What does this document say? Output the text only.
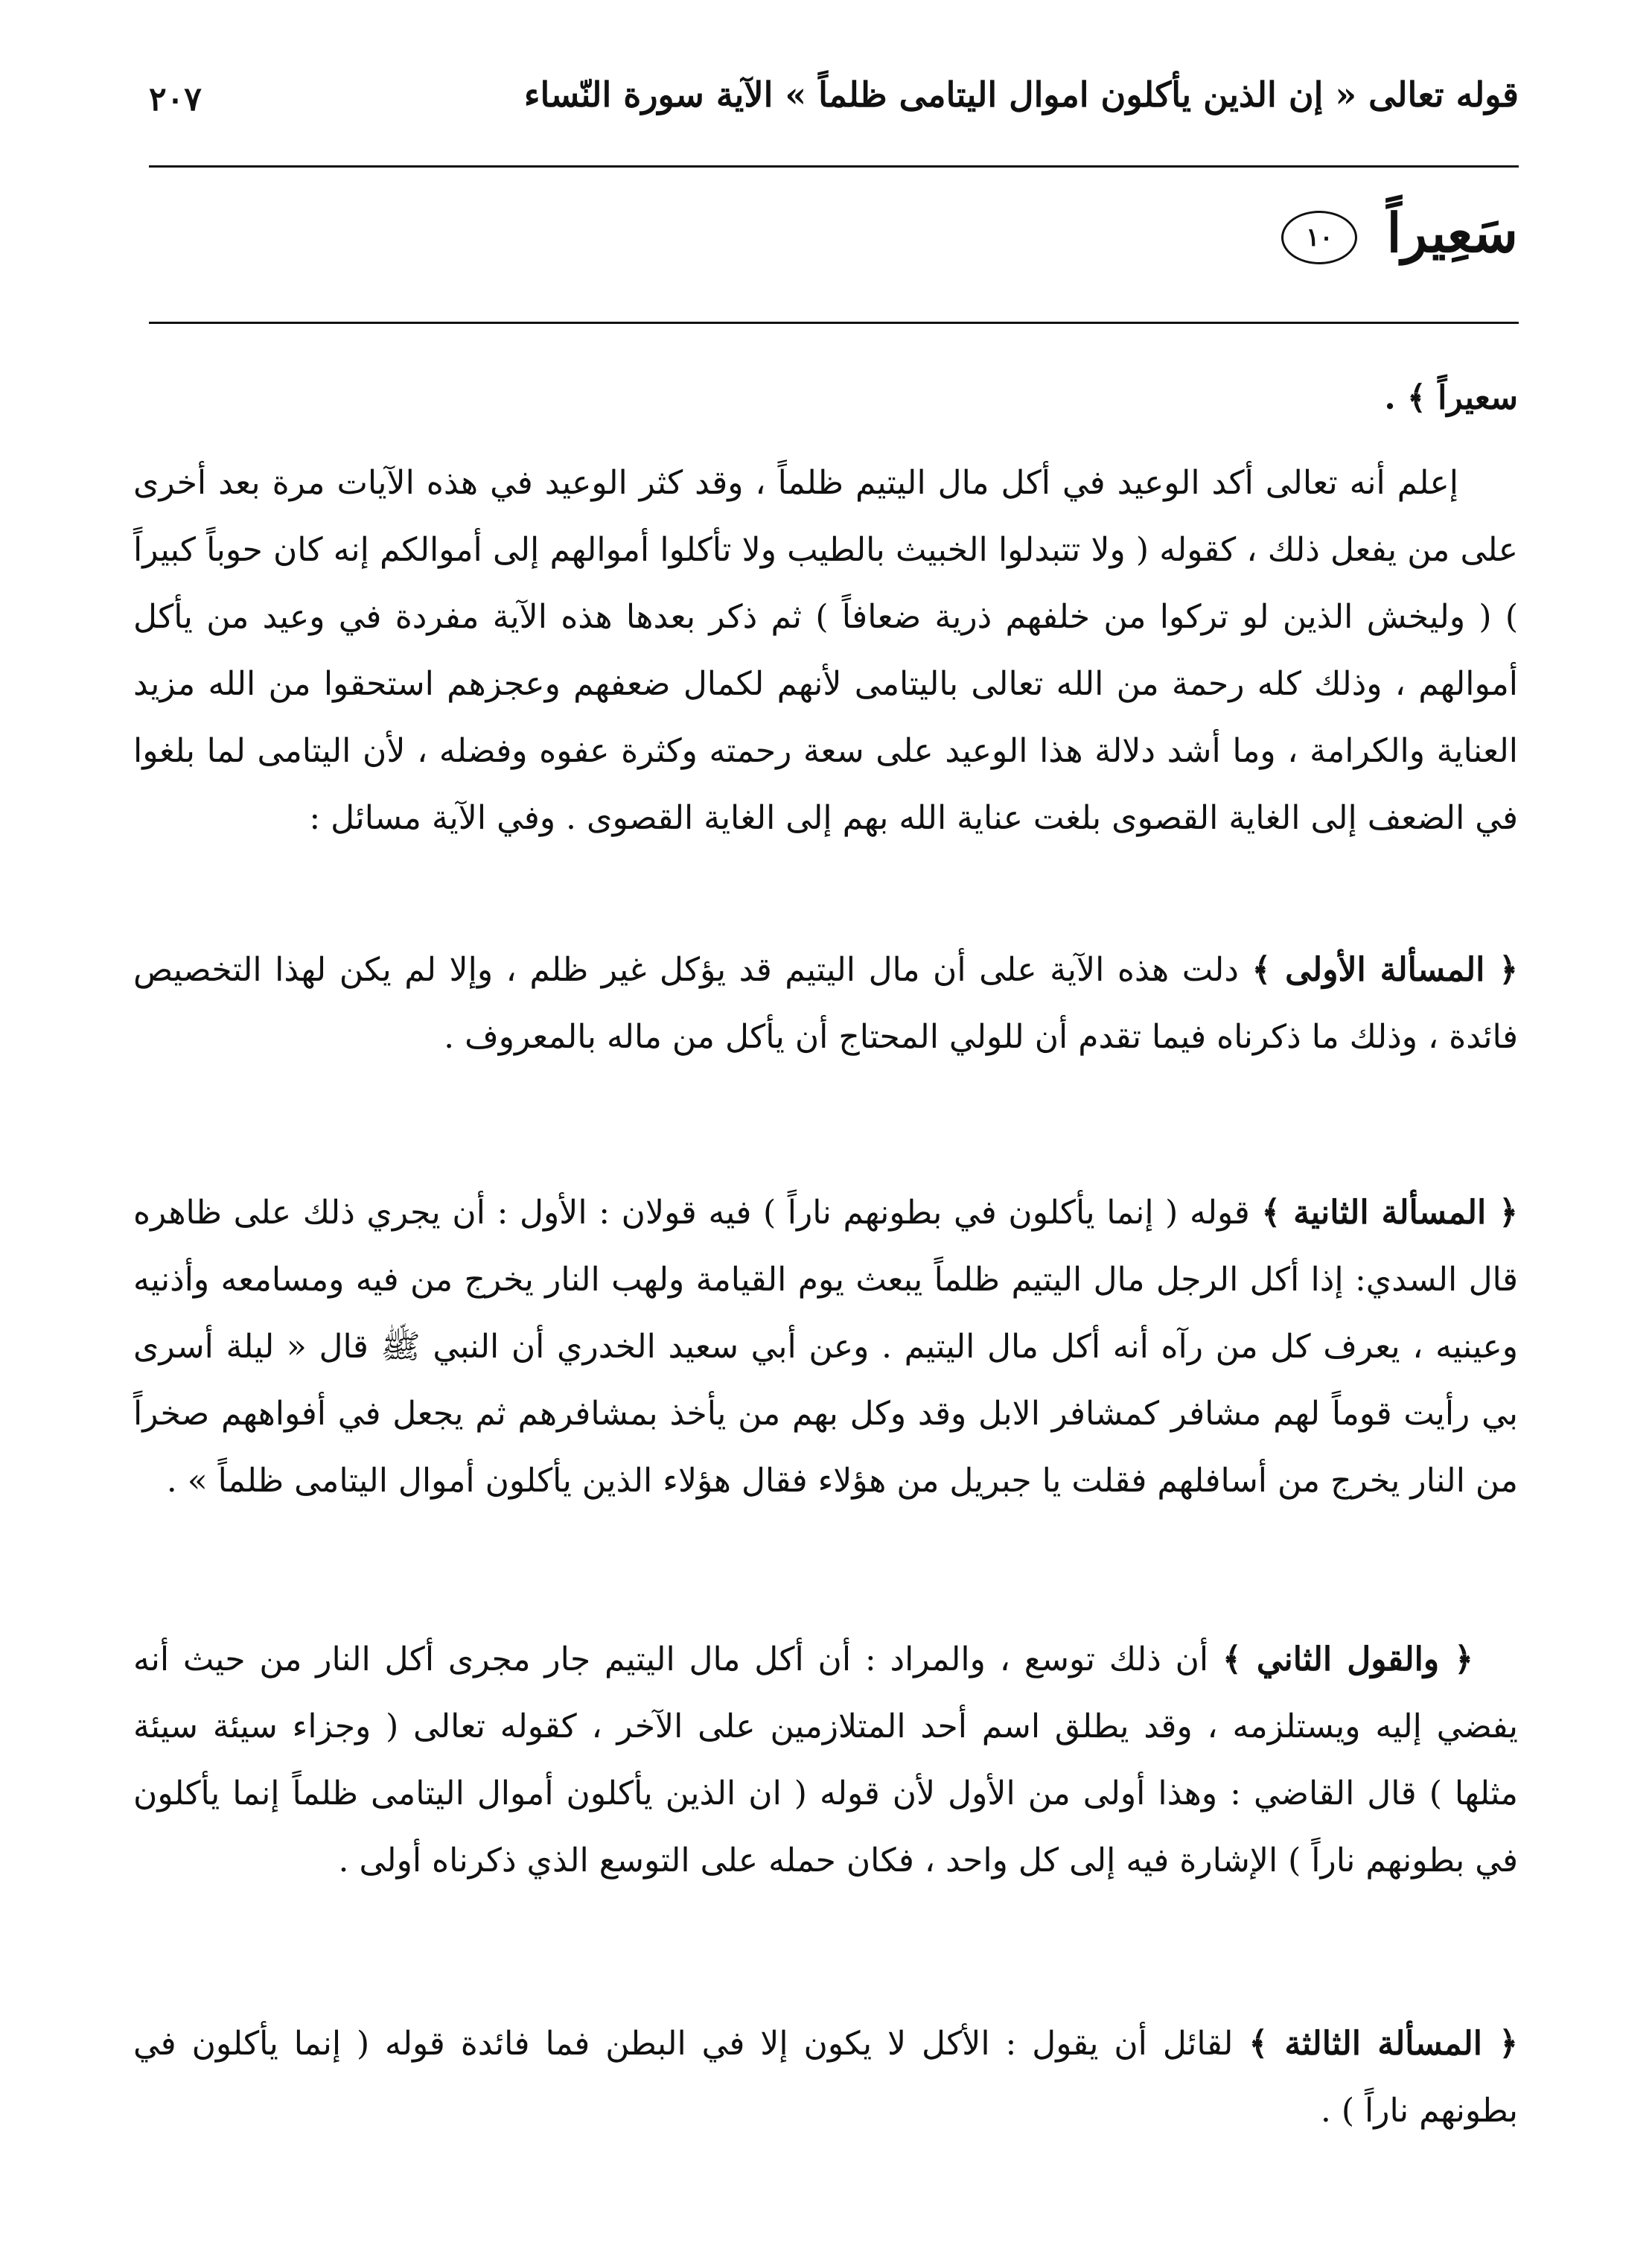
قوله تعالى « إن الذين يأكلون اموال اليتامى ظلماً » الآية سورة النّساء
٢٠٧
سَعِيراً ١٠
سعيراً ﴾ .
إعلم أنه تعالى أكد الوعيد في أكل مال اليتيم ظلماً ، وقد كثر الوعيد في هذه الآيات مرة بعد أخرى على من يفعل ذلك ، كقوله ( ولا تتبدلوا الخبيث بالطيب ولا تأكلوا أموالهم إلى أموالكم إنه كان حوباً كبيراً ) ( وليخش الذين لو تركوا من خلفهم ذرية ضعافاً ) ثم ذكر بعدها هذه الآية مفردة في وعيد من يأكل أموالهم ، وذلك كله رحمة من الله تعالى باليتامى لأنهم لكمال ضعفهم وعجزهم استحقوا من الله مزيد العناية والكرامة ، وما أشد دلالة هذا الوعيد على سعة رحمته وكثرة عفوه وفضله ، لأن اليتامى لما بلغوا في الضعف إلى الغاية القصوى بلغت عناية الله بهم إلى الغاية القصوى . وفي الآية مسائل :
﴿ المسألة الأولى ﴾ دلت هذه الآية على أن مال اليتيم قد يؤكل غير ظلم ، وإلا لم يكن لهذا التخصيص فائدة ، وذلك ما ذكرناه فيما تقدم أن للولي المحتاج أن يأكل من ماله بالمعروف .
﴿ المسألة الثانية ﴾ قوله ( إنما يأكلون في بطونهم ناراً ) فيه قولان : الأول : أن يجري ذلك على ظاهره قال السدي: إذا أكل الرجل مال اليتيم ظلماً يبعث يوم القيامة ولهب النار يخرج من فيه ومسامعه وأذنيه وعينيه ، يعرف كل من رآه أنه أكل مال اليتيم . وعن أبي سعيد الخدري أن النبي ﷺ قال « ليلة أسرى بي رأيت قوماً لهم مشافر كمشافر الابل وقد وكل بهم من يأخذ بمشافرهم ثم يجعل في أفواههم صخراً من النار يخرج من أسافلهم فقلت يا جبريل من هؤلاء فقال هؤلاء الذين يأكلون أموال اليتامى ظلماً » .
﴿ والقول الثاني ﴾ أن ذلك توسع ، والمراد : أن أكل مال اليتيم جار مجرى أكل النار من حيث أنه يفضي إليه ويستلزمه ، وقد يطلق اسم أحد المتلازمين على الآخر ، كقوله تعالى ( وجزاء سيئة سيئة مثلها ) قال القاضي : وهذا أولى من الأول لأن قوله ( ان الذين يأكلون أموال اليتامى ظلماً إنما يأكلون في بطونهم ناراً ) الإشارة فيه إلى كل واحد ، فكان حمله على التوسع الذي ذكرناه أولى .
﴿ المسألة الثالثة ﴾ لقائل أن يقول : الأكل لا يكون إلا في البطن فما فائدة قوله ( إنما يأكلون في بطونهم ناراً ) .
